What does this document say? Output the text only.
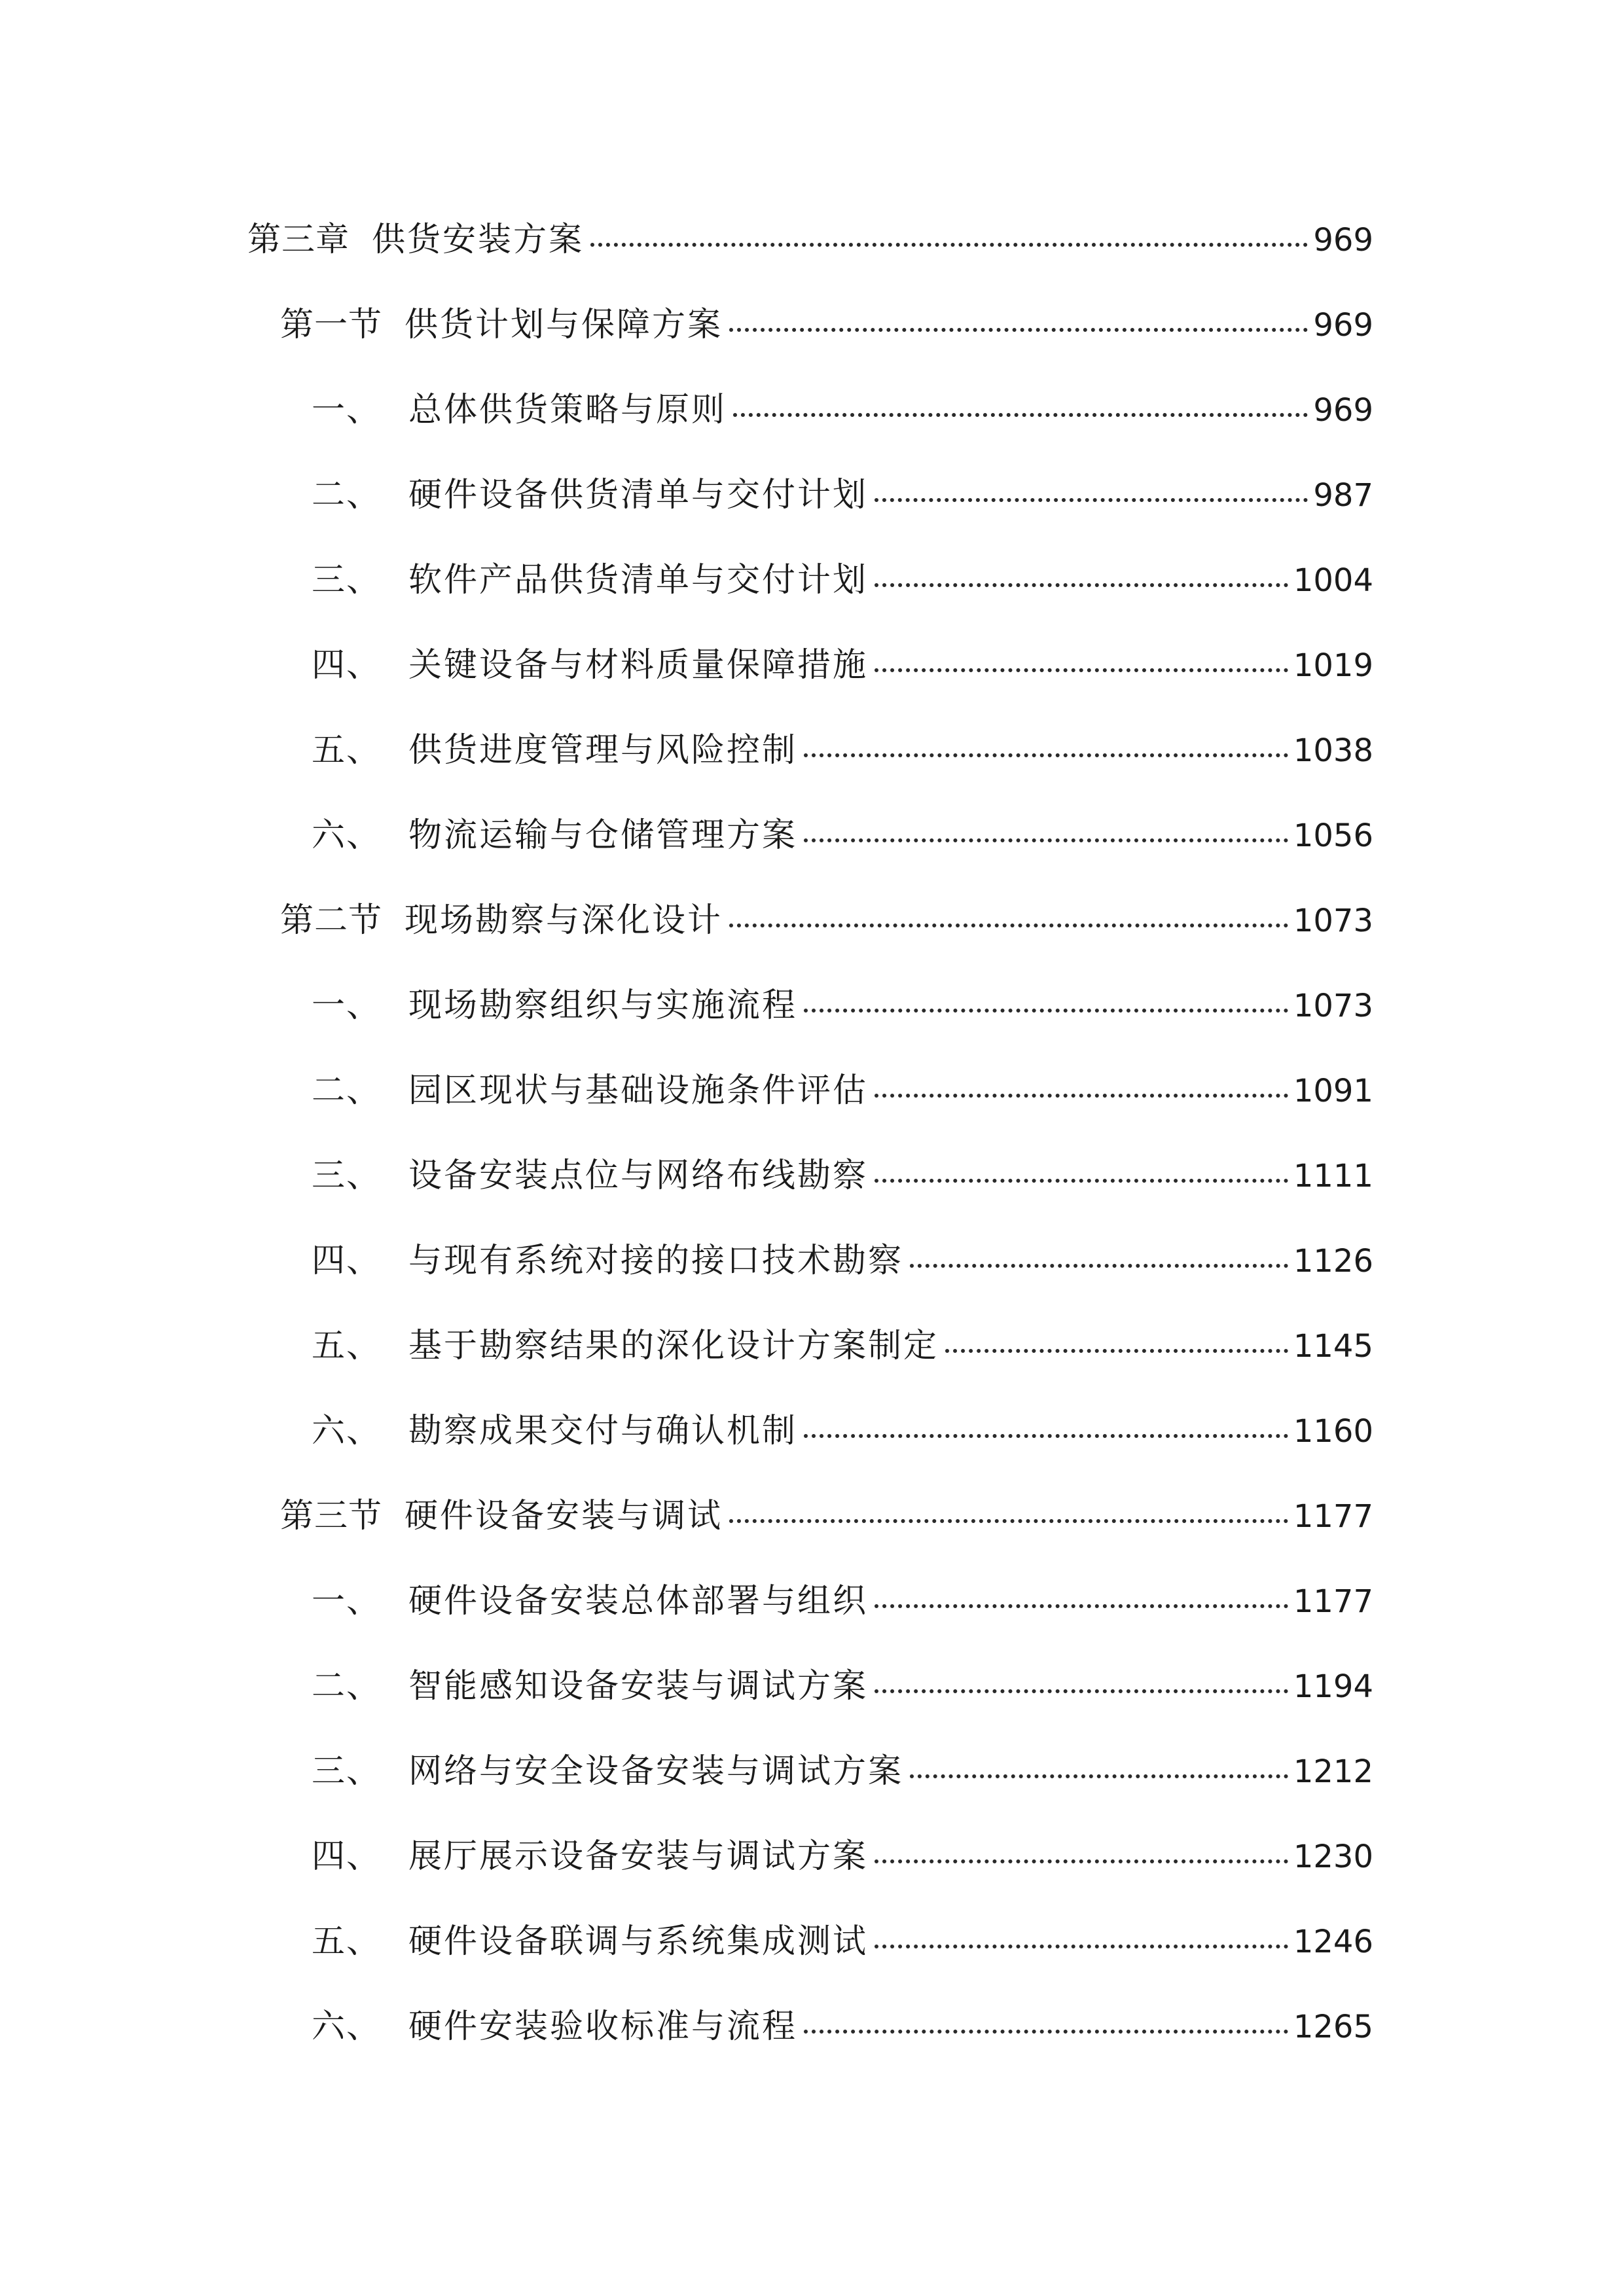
第三章 供货安装方案	969
第一节 供货计划与保障方案	969
一、 总体供货策略与原则	969
二、 硬件设备供货清单与交付计划	987
三、 软件产品供货清单与交付计划	1004
四、 关键设备与材料质量保障措施	1019
五、 供货进度管理与风险控制	1038
六、 物流运输与仓储管理方案	1056
第二节 现场勘察与深化设计	1073
一、 现场勘察组织与实施流程	1073
二、 园区现状与基础设施条件评估	1091
三、 设备安装点位与网络布线勘察	1111
四、 与现有系统对接的接口技术勘察	1126
五、 基于勘察结果的深化设计方案制定	1145
六、 勘察成果交付与确认机制	1160
第三节 硬件设备安装与调试	1177
一、 硬件设备安装总体部署与组织	1177
二、 智能感知设备安装与调试方案	1194
三、 网络与安全设备安装与调试方案	1212
四、 展厅展示设备安装与调试方案	1230
五、 硬件设备联调与系统集成测试	1246
六、 硬件安装验收标准与流程	1265
